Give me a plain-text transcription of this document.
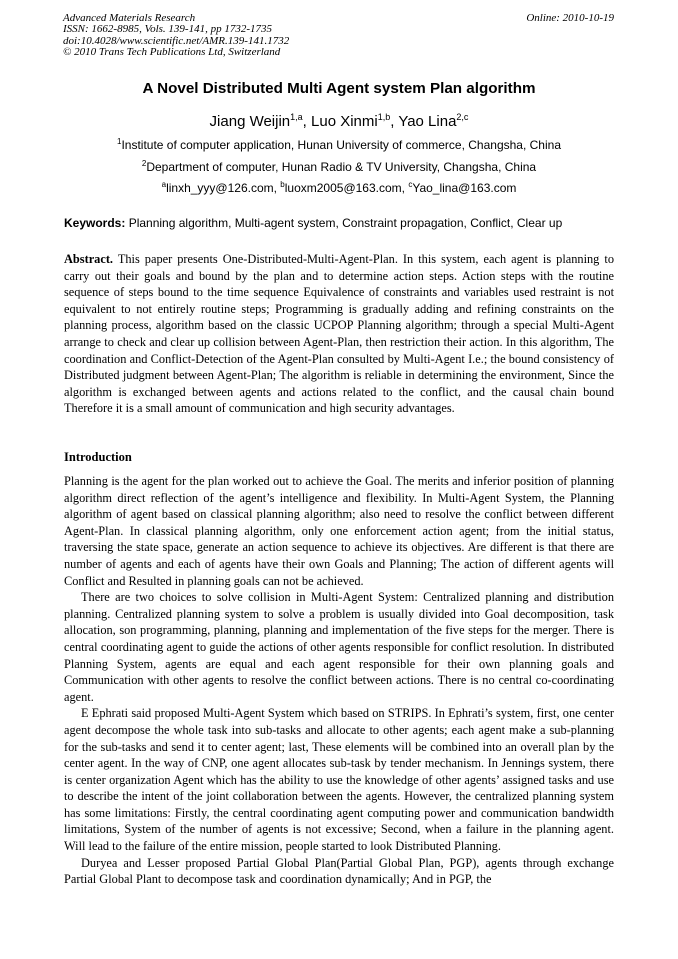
Advanced Materials Research
ISSN: 1662-8985, Vols. 139-141, pp 1732-1735
doi:10.4028/www.scientific.net/AMR.139-141.1732
© 2010 Trans Tech Publications Ltd, Switzerland
Online: 2010-10-19
A Novel Distributed Multi Agent system Plan algorithm
Jiang Weijin$^{1,a}$, Luo Xinmi$^{1,b}$, Yao Lina$^{2,c}$
$^1$Institute of computer application, Hunan University of commerce, Changsha, China
$^2$Department of computer, Hunan Radio & TV University, Changsha, China
$^a$linxh_yyy@126.com, $^b$luoxm2005@163.com, $^c$Yao_lina@163.com
Keywords: Planning algorithm, Multi-agent system, Constraint propagation, Conflict, Clear up

Abstract. This paper presents One-Distributed-Multi-Agent-Plan. In this system, each agent is planning to carry out their goals and bound by the plan and to determine action steps. Action steps with the routine sequence of steps bound to the time sequence Equivalence of constraints and variables used restraint is not equivalent to not entirely routine steps; Programming is gradually adding and refining constraints on the planning process, algorithm based on the classic UCPOP Planning algorithm; through a special Multi-Agent arrange to check and clear up collision between Agent-Plan, then restriction their action. In this algorithm, The coordination and Conflict-Detection of the Agent-Plan consulted by Multi-Agent I.e.; the bound consistency of Distributed judgment between Agent-Plan; The algorithm is reliable in determining the environment, Since the algorithm is exchanged between agents and actions related to the conflict, and the causal chain bound Therefore it is a small amount of communication and high security advantages.

Introduction

Planning is the agent for the plan worked out to achieve the Goal. The merits and inferior position of planning algorithm direct reflection of the agent’s intelligence and flexibility. In Multi-Agent System, the Planning algorithm of agent based on classical planning algorithm; also need to resolve the conflict between different Agent-Plan. In classical planning algorithm, only one enforcement action agent; from the initial status, traversing the state space, generate an action sequence to achieve its objectives. Are different is that there are number of agents and each of agents have their own Goals and Planning; The action of different agents will Conflict and Resulted in planning goals can not be achieved.

There are two choices to solve collision in Multi-Agent System: Centralized planning and distribution planning. Centralized planning system to solve a problem is usually divided into Goal decomposition, task allocation, son programming, planning, planning and implementation of the five steps for the merger. There is central coordinating agent to guide the actions of other agents responsible for conflict resolution. In distributed Planning System, agents are equal and each agent responsible for their own planning goals and Communication with other agents to resolve the conflict between actions. There is no central co-coordinating agent.

E Ephrati said proposed Multi-Agent System which based on STRIPS. In Ephrati’s system, first, one center agent decompose the whole task into sub-tasks and allocate to other agents; each agent make a sub-planning for the sub-tasks and send it to center agent; last, These elements will be combined into an overall plan by the center agent. In the way of CNP, one agent allocates sub-task by tender mechanism. In Jennings system, there is center organization Agent which has the ability to use the knowledge of other agents’ assigned tasks and use to describe the intent of the joint collaboration between the agents. However, the centralized planning system has some limitations: Firstly, the central coordinating agent computing power and communication bandwidth limitations, System of the number of agents is not excessive; Second, when a failure in the planning agent. Will lead to the failure of the entire mission, people started to look Distributed Planning.

Duryea and Lesser proposed Partial Global Plan(Partial Global Plan, PGP), agents through exchange Partial Global Plant to decompose task and coordination dynamically; And in PGP, the
